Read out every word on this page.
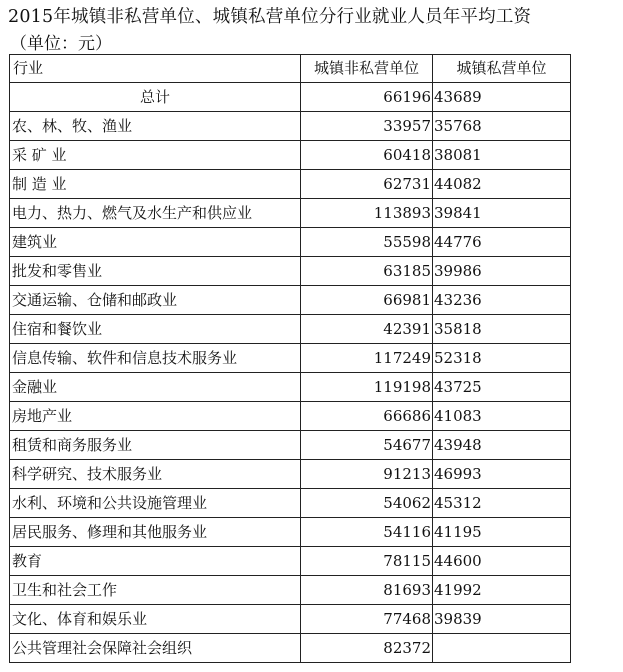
2015年城镇非私营单位、城镇私营单位分行业就业人员年平均工资
（单位：元）
行业	城镇非私营单位	城镇私营单位
总计	66196	43689
农、林、牧、渔业	33957	35768
采 矿 业	60418	38081
制 造 业	62731	44082
电力、热力、燃气及水生产和供应业	113893	39841
建筑业	55598	44776
批发和零售业	63185	39986
交通运输、仓储和邮政业	66981	43236
住宿和餐饮业	42391	35818
信息传输、软件和信息技术服务业	117249	52318
金融业	119198	43725
房地产业	66686	41083
租赁和商务服务业	54677	43948
科学研究、技术服务业	91213	46993
水利、环境和公共设施管理业	54062	45312
居民服务、修理和其他服务业	54116	41195
教育	78115	44600
卫生和社会工作	81693	41992
文化、体育和娱乐业	77468	39839
公共管理社会保障社会组织	82372	
